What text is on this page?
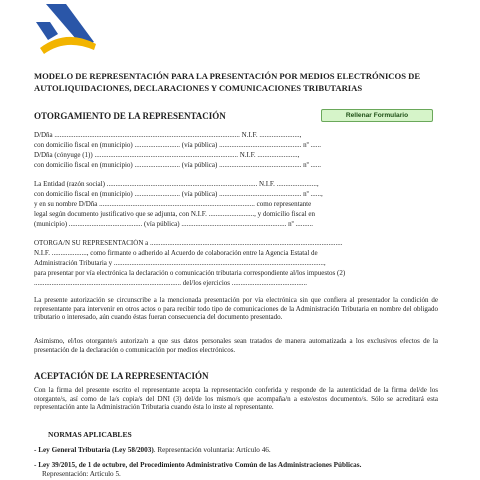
MODELO DE REPRESENTACIÓN PARA LA PRESENTACIÓN POR MEDIOS ELECTRÓNICOS DE AUTOLIQUIDACIONES, DECLARACIONES Y COMUNICACIONES TRIBUTARIAS
OTORGAMIENTO DE LA REPRESENTACIÓN	Rellenar Formulario
D/Dña .......................................................................................................... N.I.F. .......................,
con domicilio fiscal en (municipio) .......................... (vía pública) ............................................... nº ......
D/Dña (cónyuge (1)) .................................................................................. N.I.F. .......................,
con domicilio fiscal en (municipio) .......................... (vía pública) ............................................... nº ......
La Entidad (razón social) ...................................................................................... N.I.F. .......................,
con domicilio fiscal en (municipio) .......................... (vía pública) ............................................... nº ......,
y en su nombre D/Dña ......................................................................................... como representante
legal según documento justificativo que se adjunta, con N.I.F. .........................., y domicilio fiscal en
(municipio) .......................................... (vía pública) ............................................................ nº ..........
OTORGA/N SU REPRESENTACIÓN a ..............................................................................................................
N.I.F. ...................., como firmante o adherido al Acuerdo de colaboración entre la Agencia Estatal de
Administración Tributaria y ........................................................................................................................,
para presentar por vía electrónica la declaración o comunicación tributaria correspondiente al/los impuestos (2)
.................................................................................... del/los ejercicios ...........................................
La presente autorización se circunscribe a la mencionada presentación por vía electrónica sin que confiera al presentador la condición de representante para intervenir en otros actos o para recibir todo tipo de comunicaciones de la Administración Tributaria en nombre del obligado tributario o interesado, aún cuando éstas fueran consecuencia del documento presentado.
Asimismo, el/los otorgante/s autoriza/n a que sus datos personales sean tratados de manera automatizada a los exclusivos efectos de la presentación de la declaración o comunicación por medios electrónicos.
ACEPTACIÓN DE LA REPRESENTACIÓN
Con la firma del presente escrito el representante acepta la representación conferida y responde de la autenticidad de la firma del/de los otorgante/s, así como de la/s copia/s del DNI (3) del/de los mismo/s que acompaña/n a este/estos documento/s. Sólo se acreditará esta representación ante la Administración Tributaria cuando ésta lo inste al representante.
NORMAS APLICABLES
- Ley General Tributaria (Ley 58/2003). Representación voluntaria: Artículo 46.
- Ley 39/2015, de 1 de octubre, del Procedimiento Administrativo Común de las Administraciones Públicas.
Representación: Artículo 5.
